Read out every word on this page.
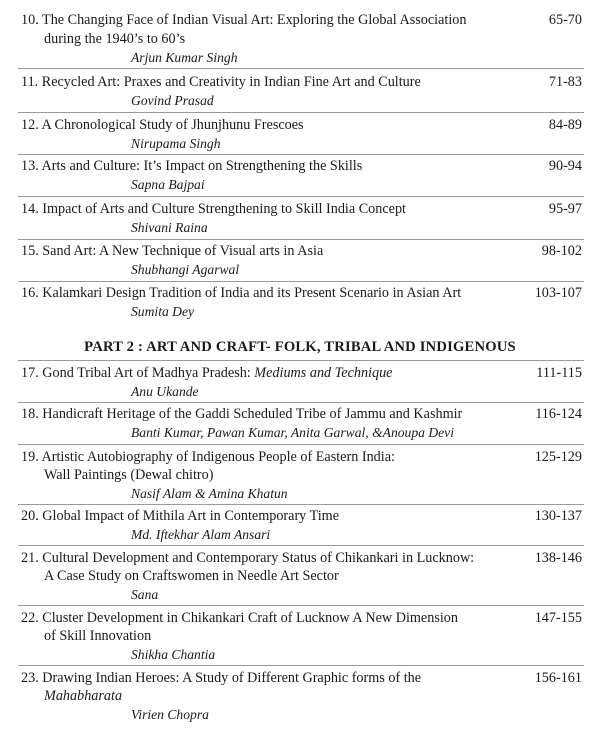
10. The Changing Face of Indian Visual Art: Exploring the Global Association
during the 1940’s to 60’s
Arjun Kumar Singh
65-70
11. Recycled Art: Praxes and Creativity in Indian Fine Art and Culture
Govind Prasad
71-83
12. A Chronological Study of Jhunjhunu Frescoes
Nirupama Singh
84-89
13. Arts and Culture: It’s Impact on Strengthening the Skills
Sapna Bajpai
90-94
14. Impact of Arts and Culture Strengthening to Skill India Concept
Shivani Raina
95-97
15. Sand Art: A New Technique of Visual arts in Asia
Shubhangi Agarwal
98-102
16. Kalamkari Design Tradition of India and its Present Scenario in Asian Art
Sumita Dey
103-107
PART 2 : ART AND CRAFT- FOLK, TRIBAL AND INDIGENOUS
17. Gond Tribal Art of Madhya Pradesh: Mediums and Technique
Anu Ukande
111-115
18. Handicraft Heritage of the Gaddi Scheduled Tribe of Jammu and Kashmir
Banti Kumar, Pawan Kumar, Anita Garwal, &Anoupa Devi
116-124
19. Artistic Autobiography of Indigenous People of Eastern India:
Wall Paintings (Dewal chitro)
Nasif Alam & Amina Khatun
125-129
20. Global Impact of Mithila Art in Contemporary Time
Md. Iftekhar Alam Ansari
130-137
21. Cultural Development and Contemporary Status of Chikankari in Lucknow:
A Case Study on Craftswomen in Needle Art Sector
Sana
138-146
22. Cluster Development in Chikankari Craft of Lucknow A New Dimension
of Skill Innovation
Shikha Chantia
147-155
23. Drawing Indian Heroes: A Study of Different Graphic forms of the
Mahabharata
Virien Chopra
156-161
